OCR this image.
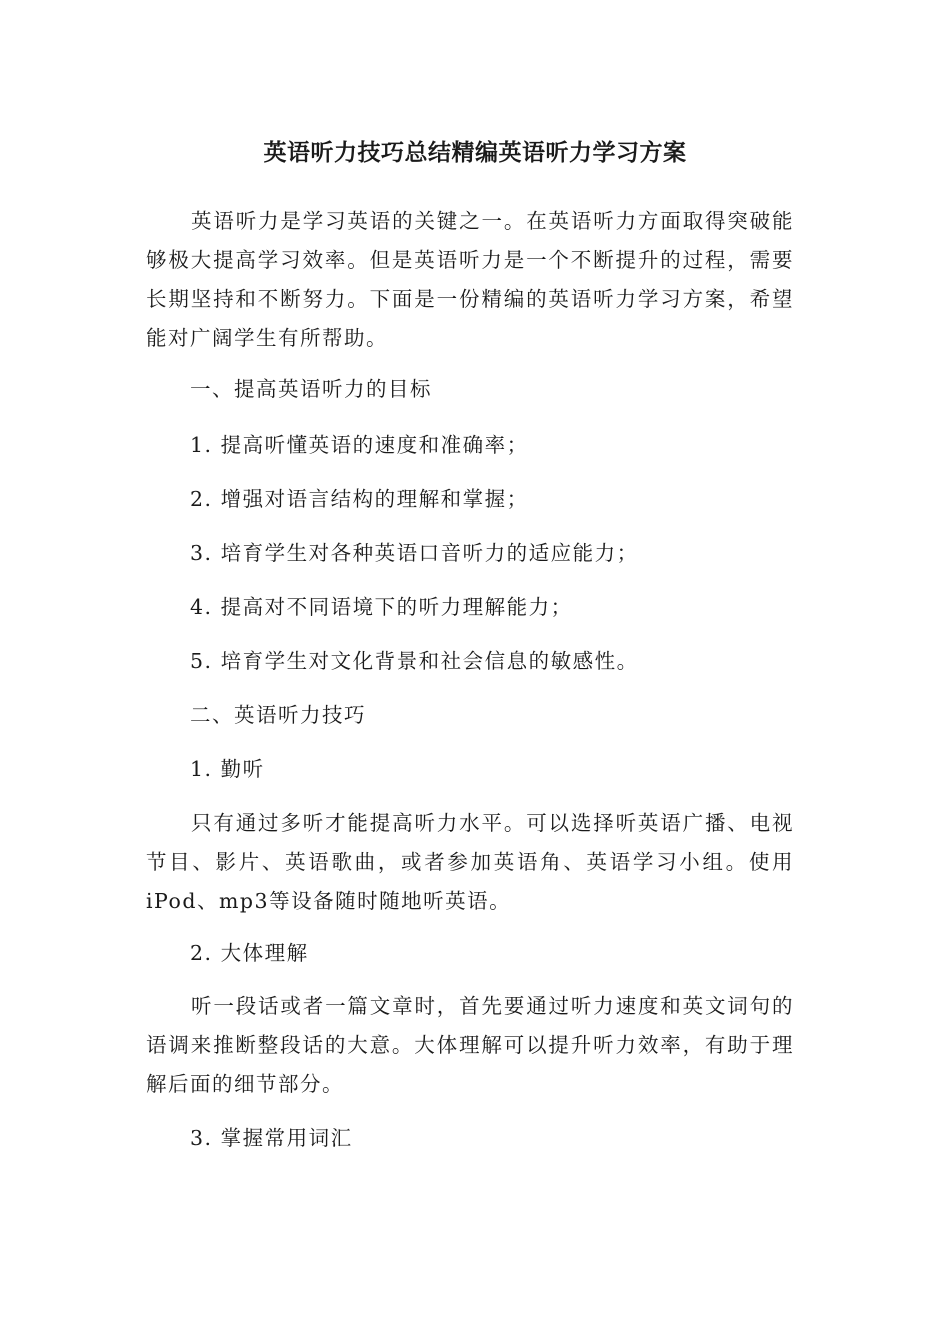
英语听力技巧总结精编英语听力学习方案

英语听力是学习英语的关键之一。在英语听力方面取得突破能够极大提高学习效率。但是英语听力是一个不断提升的过程，需要长期坚持和不断努力。下面是一份精编的英语听力学习方案，希望能对广阔学生有所帮助。

一、提高英语听力的目标

1. 提高听懂英语的速度和准确率；

2. 增强对语言结构的理解和掌握；

3. 培育学生对各种英语口音听力的适应能力；

4. 提高对不同语境下的听力理解能力；

5. 培育学生对文化背景和社会信息的敏感性。

二、英语听力技巧

1. 勤听

只有通过多听才能提高听力水平。可以选择听英语广播、电视节目、影片、英语歌曲，或者参加英语角、英语学习小组。使用iPod、mp3等设备随时随地听英语。

2. 大体理解

听一段话或者一篇文章时，首先要通过听力速度和英文词句的语调来推断整段话的大意。大体理解可以提升听力效率，有助于理解后面的细节部分。

3. 掌握常用词汇
